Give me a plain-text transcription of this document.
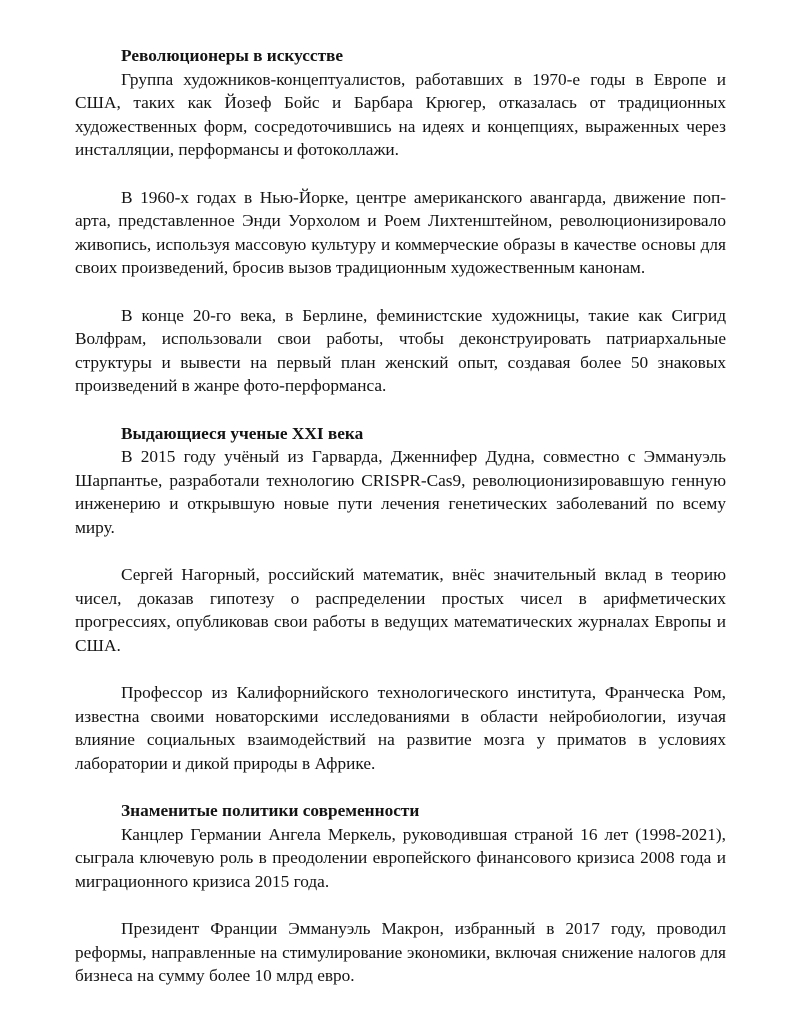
Революционеры в искусстве

Группа художников-концептуалистов, работавших в 1970-е годы в Европе и США, таких как Йозеф Бойс и Барбара Крюгер, отказалась от традиционных художественных форм, сосредоточившись на идеях и концепциях, выраженных через инсталляции, перформансы и фотоколлажи.

В 1960-х годах в Нью-Йорке, центре американского авангарда, движение поп-арта, представленное Энди Уорхолом и Роем Лихтенштейном, революционизировало живопись, используя массовую культуру и коммерческие образы в качестве основы для своих произведений, бросив вызов традиционным художественным канонам.

В конце 20-го века, в Берлине, феминистские художницы, такие как Сигрид Волфрам, использовали свои работы, чтобы деконструировать патриархальные структуры и вывести на первый план женский опыт, создавая более 50 знаковых произведений в жанре фото-перформанса.

Выдающиеся ученые XXI века

В 2015 году учёный из Гарварда, Дженнифер Дудна, совместно с Эммануэль Шарпантье, разработали технологию CRISPR-Cas9, революционизировавшую генную инженерию и открывшую новые пути лечения генетических заболеваний по всему миру.

Сергей Нагорный, российский математик, внёс значительный вклад в теорию чисел, доказав гипотезу о распределении простых чисел в арифметических прогрессиях, опубликовав свои работы в ведущих математических журналах Европы и США.

Профессор из Калифорнийского технологического института, Франческа Ром, известна своими новаторскими исследованиями в области нейробиологии, изучая влияние социальных взаимодействий на развитие мозга у приматов в условиях лаборатории и дикой природы в Африке.

Знаменитые политики современности

Канцлер Германии Ангела Меркель, руководившая страной 16 лет (1998-2021), сыграла ключевую роль в преодолении европейского финансового кризиса 2008 года и миграционного кризиса 2015 года.

Президент Франции Эммануэль Макрон, избранный в 2017 году, проводил реформы, направленные на стимулирование экономики, включая снижение налогов для бизнеса на сумму более 10 млрд евро.
